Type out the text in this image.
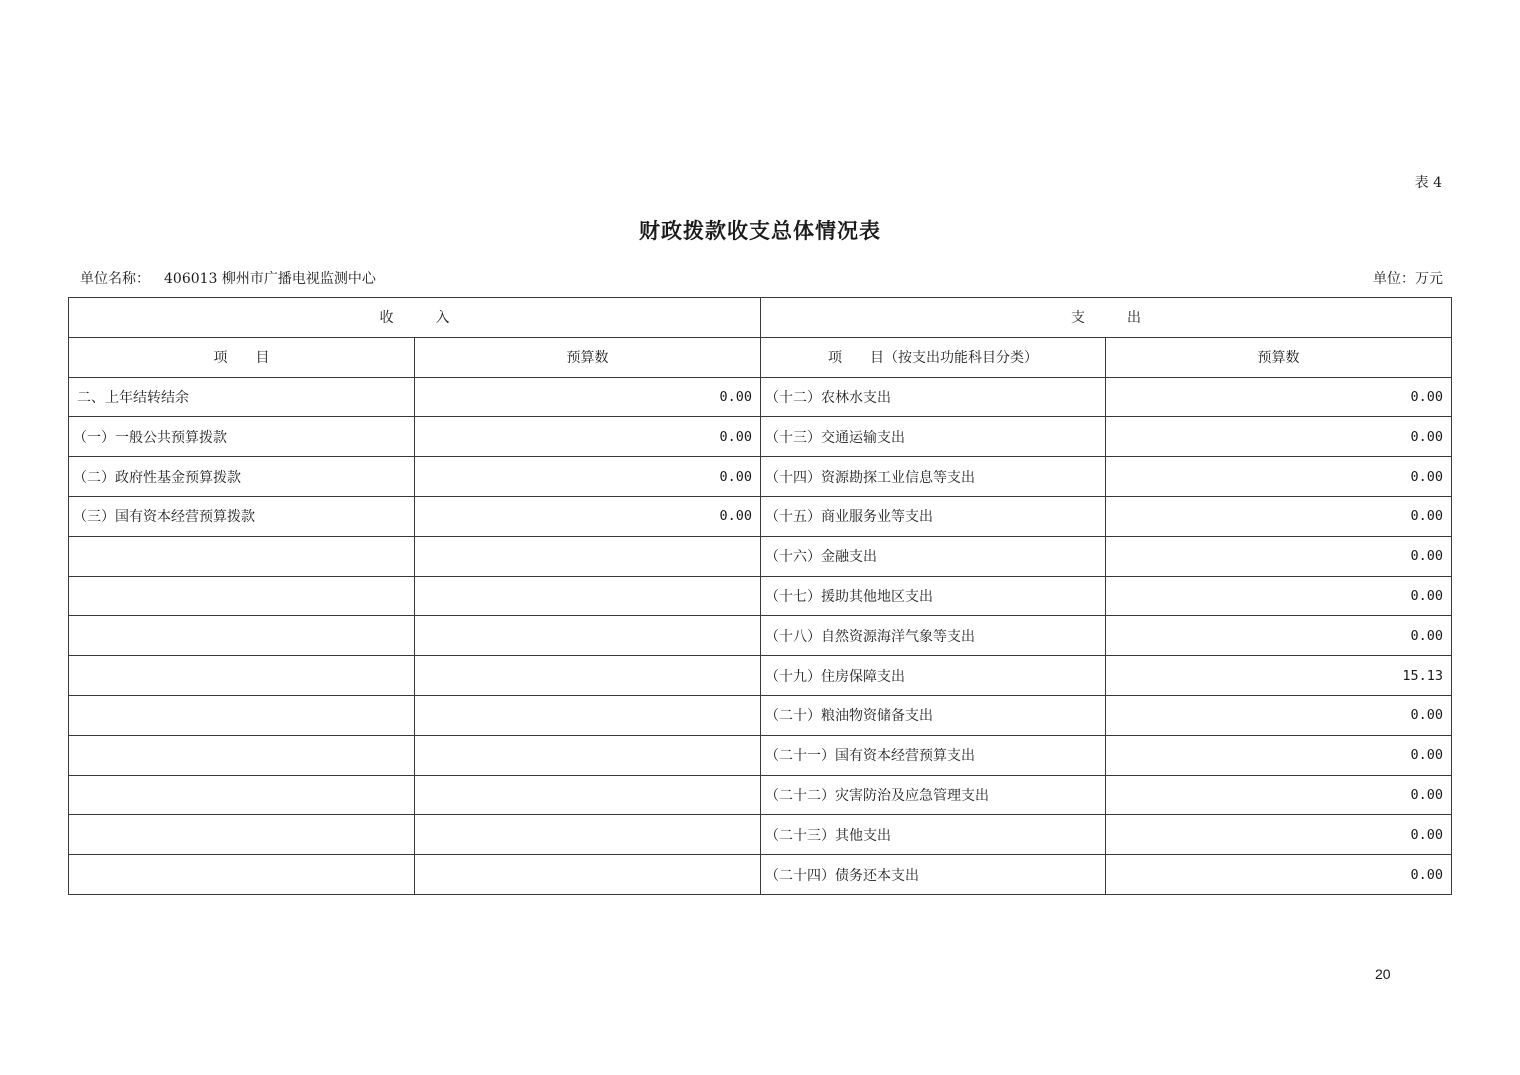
表 4
财政拨款收支总体情况表
单位名称： 406013 柳州市广播电视监测中心	单位：万元
收　　　入		支　　　出	
项　　目	预算数	项　　目（按支出功能科目分类）	预算数
二、上年结转结余	0.00	（十二）农林水支出	0.00
（一）一般公共预算拨款	0.00	（十三）交通运输支出	0.00
（二）政府性基金预算拨款	0.00	（十四）资源勘探工业信息等支出	0.00
（三）国有资本经营预算拨款	0.00	（十五）商业服务业等支出	0.00
		（十六）金融支出	0.00
		（十七）援助其他地区支出	0.00
		（十八）自然资源海洋气象等支出	0.00
		（十九）住房保障支出	15.13
		（二十）粮油物资储备支出	0.00
		（二十一）国有资本经营预算支出	0.00
		（二十二）灾害防治及应急管理支出	0.00
		（二十三）其他支出	0.00
		（二十四）债务还本支出	0.00
20
